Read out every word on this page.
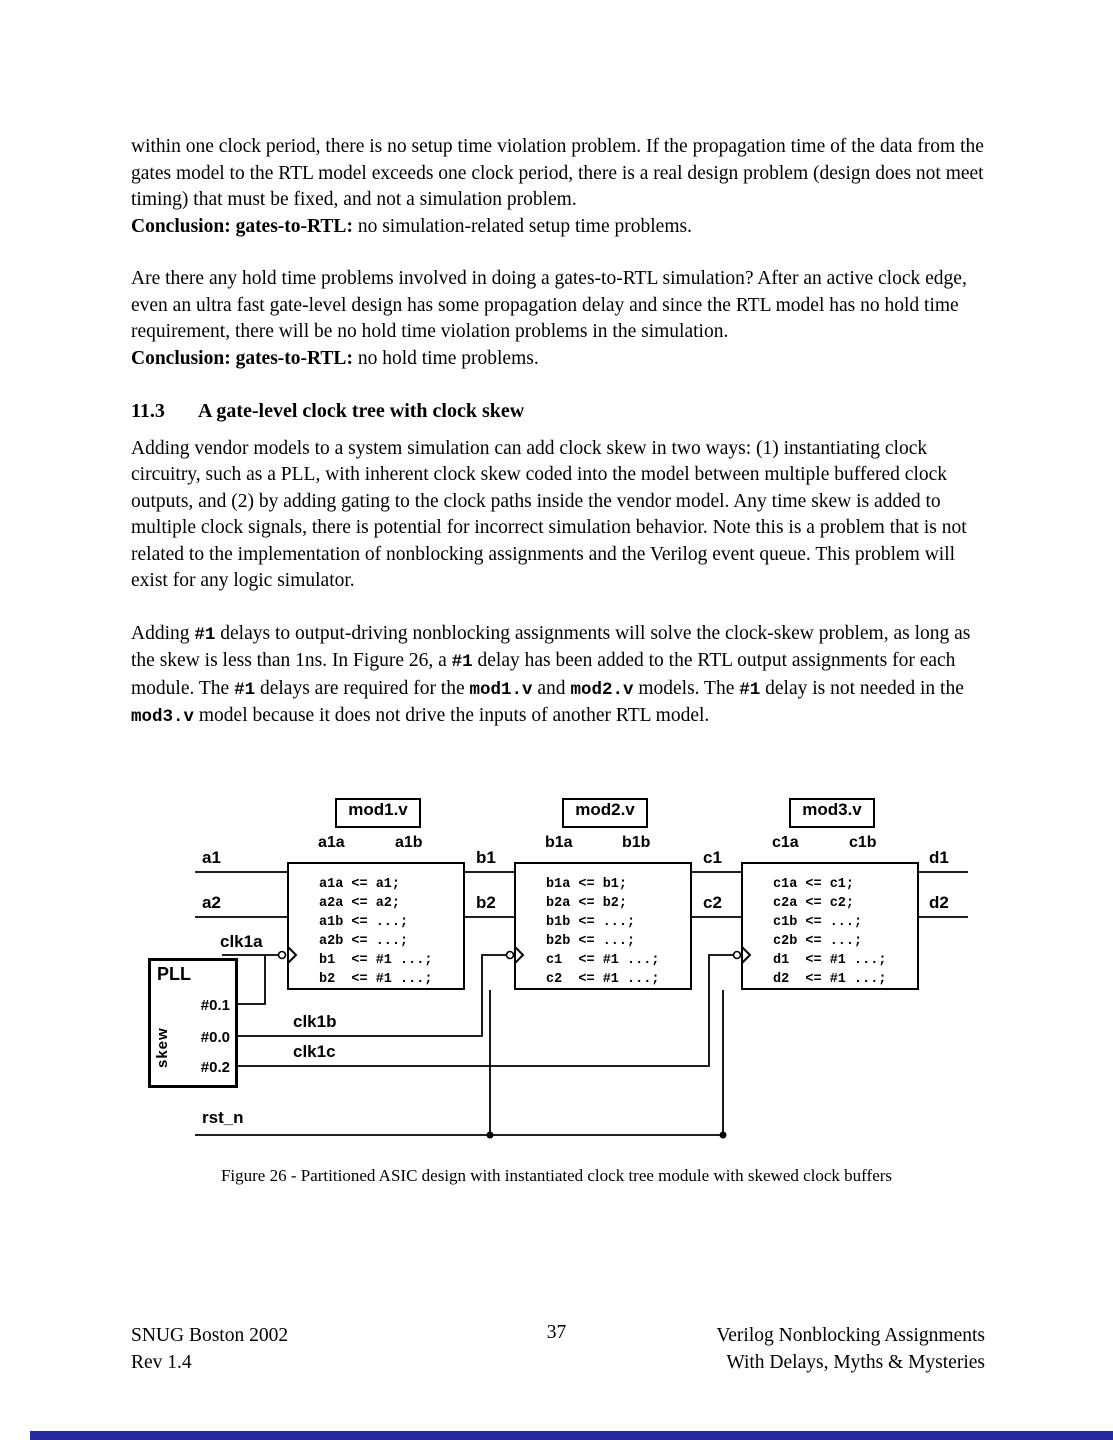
within one clock period, there is no setup time violation problem. If the propagation time of the data from the gates model to the RTL model exceeds one clock period, there is a real design problem (design does not meet timing) that must be fixed, and not a simulation problem.
Conclusion: gates-to-RTL: no simulation-related setup time problems.

Are there any hold time problems involved in doing a gates-to-RTL simulation? After an active clock edge, even an ultra fast gate-level design has some propagation delay and since the RTL model has no hold time requirement, there will be no hold time violation problems in the simulation.
Conclusion: gates-to-RTL: no hold time problems.

11.3 A gate-level clock tree with clock skew

Adding vendor models to a system simulation can add clock skew in two ways: (1) instantiating clock circuitry, such as a PLL, with inherent clock skew coded into the model between multiple buffered clock outputs, and (2) by adding gating to the clock paths inside the vendor model. Any time skew is added to multiple clock signals, there is potential for incorrect simulation behavior. Note this is a problem that is not related to the implementation of nonblocking assignments and the Verilog event queue. This problem will exist for any logic simulator.

Adding #1 delays to output-driving nonblocking assignments will solve the clock-skew problem, as long as the skew is less than 1ns. In Figure 26, a #1 delay has been added to the RTL output assignments for each module. The #1 delays are required for the mod1.v and mod2.v models. The #1 delay is not needed in the mod3.v model because it does not drive the inputs of another RTL model.

a1a <= a1;
a2a <= a2;
a1b <= ...;
a2b <= ...;
b1  <= #1 ...;
b2  <= #1 ...;
b1a <= b1;
b2a <= b2;
b1b <= ...;
b2b <= ...;
c1  <= #1 ...;
c2  <= #1 ...;
c1a <= c1;
c2a <= c2;
c1b <= ...;
c2b <= ...;
d1  <= #1 ...;
d2  <= #1 ...;
mod1.v	mod2.v	mod3.v
a1a	a1b	b1a	b1b	c1a	c1b
a1
a2
b1
b2
c1
c2
d1
d2
clk1a
clk1b
clk1c
rst_n
PLL
skew
#0.1
#0.0
#0.2
Figure 26 - Partitioned ASIC design with instantiated clock tree module with skewed clock buffers
SNUG Boston 2002
Rev 1.4
37	Verilog Nonblocking Assignments
With Delays, Myths & Mysteries
